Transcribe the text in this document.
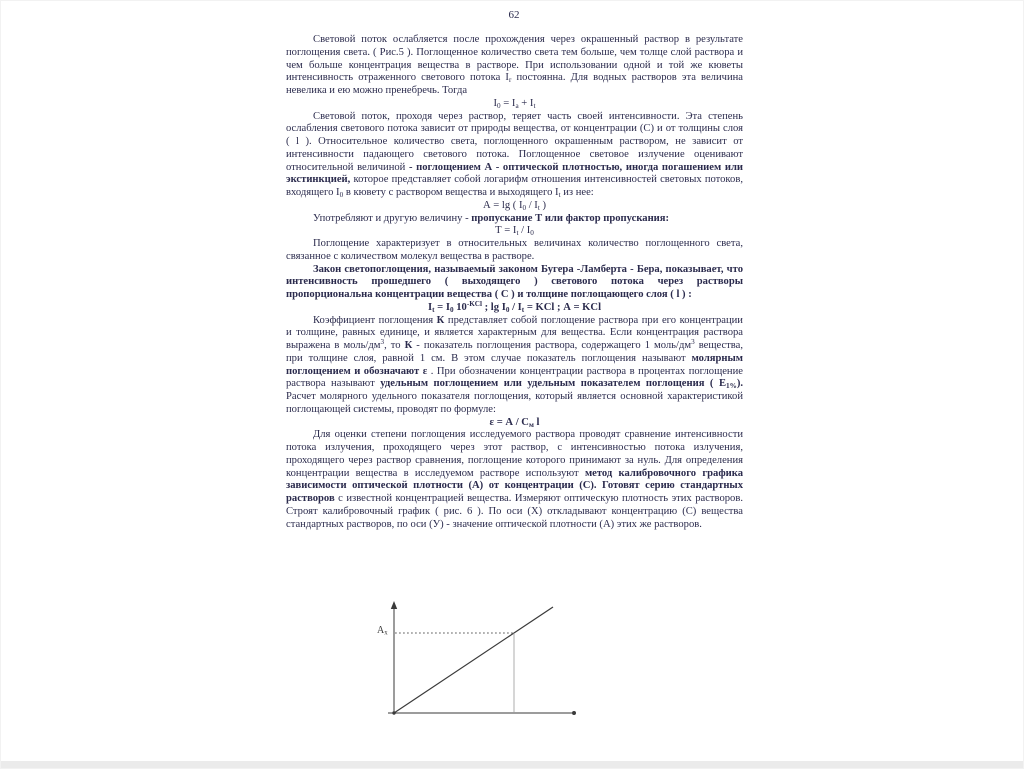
62
Световой поток ослабляется после прохождения через окрашенный раствор в результате поглощения света. ( Рис.5 ). Поглощенное количество света тем больше, чем толще слой раствора и чем больше концентрация вещества в растворе. При использовании одной и той же кюветы интенсивность отраженного светового потока $I_r$ постоянна. Для водных растворов эта величина невелика и ею можно пренебречь. Тогда
$I_0 = I_a + I_t$
Световой поток, проходя через раствор, теряет часть своей интенсивности. Эта степень ослабления светового потока зависит от природы вещества, от концентрации (С) и от толщины слоя ( l ). Относительное количество света, поглощенного окрашенным раствором, не зависит от интенсивности падающего светового потока. Поглощенное световое излучение оценивают относительной величиной - поглощением А - оптической плотностью, иногда погашением или экстинкцией, которое представляет собой логарифм отношения интенсивностей световых потоков, входящего $I_0$ в кювету с раствором вещества и выходящего $I_t$ из нее:
А = lg ( $I_0 / I_t$ )
Употребляют и другую величину - пропускание Т или фактор пропускания:
$Т = I_t / I_0$
Поглощение характеризует в относительных величинах количество поглощенного света, связанное с количеством молекул вещества в растворе.
Закон светопоглощения, называемый законом Бугера -Ламберта - Бера, показывает, что интенсивность прошедшего ( выходящего ) светового потока через растворы пропорциональна концентрации вещества ( С ) и толщине поглощающего слоя ( l ) :
$I_t = I_0$ $10^{-KCl}$ ; $\lg I_0 / I_t$ = KCl ; А = KCl
Коэффициент поглощения К представляет собой поглощение раствора при его концентрации и толщине, равных единице, и является характерным для вещества. Если концентрация раствора выражена в моль/$дм^3$, то К - показатель поглощения раствора, содержащего 1 моль/$дм^3$ вещества, при толщине слоя, равной 1 см. В этом случае показатель поглощения называют молярным поглощением и обозначают ε . При обозначении концентрации раствора в процентах поглощение раствора называют удельным поглощением или удельным показателем поглощения ( $Е_{1\%}$). Расчет молярного удельного показателя поглощения, который является основной характеристикой поглощающей системы, проводят по формуле:
$\varepsilon = А / С_м$ l
Для оценки степени поглощения исследуемого раствора проводят сравнение интенсивности потока излучения, проходящего через этот раствор, с интенсивностью потока излучения, проходящего через раствор сравнения, поглощение которого принимают за нуль. Для определения концентрации вещества в исследуемом растворе используют метод калибровочного графика зависимости оптической плотности (А) от концентрации (С). Готовят серию стандартных растворов с известной концентрацией вещества. Измеряют оптическую плотность этих растворов. Строят калибровочный график ( рис. 6 ). По оси (Х) откладывают концентрацию (С) вещества стандартных растворов, по оси (У) - значение оптической плотности (А) этих же растворов.
$А_х$
